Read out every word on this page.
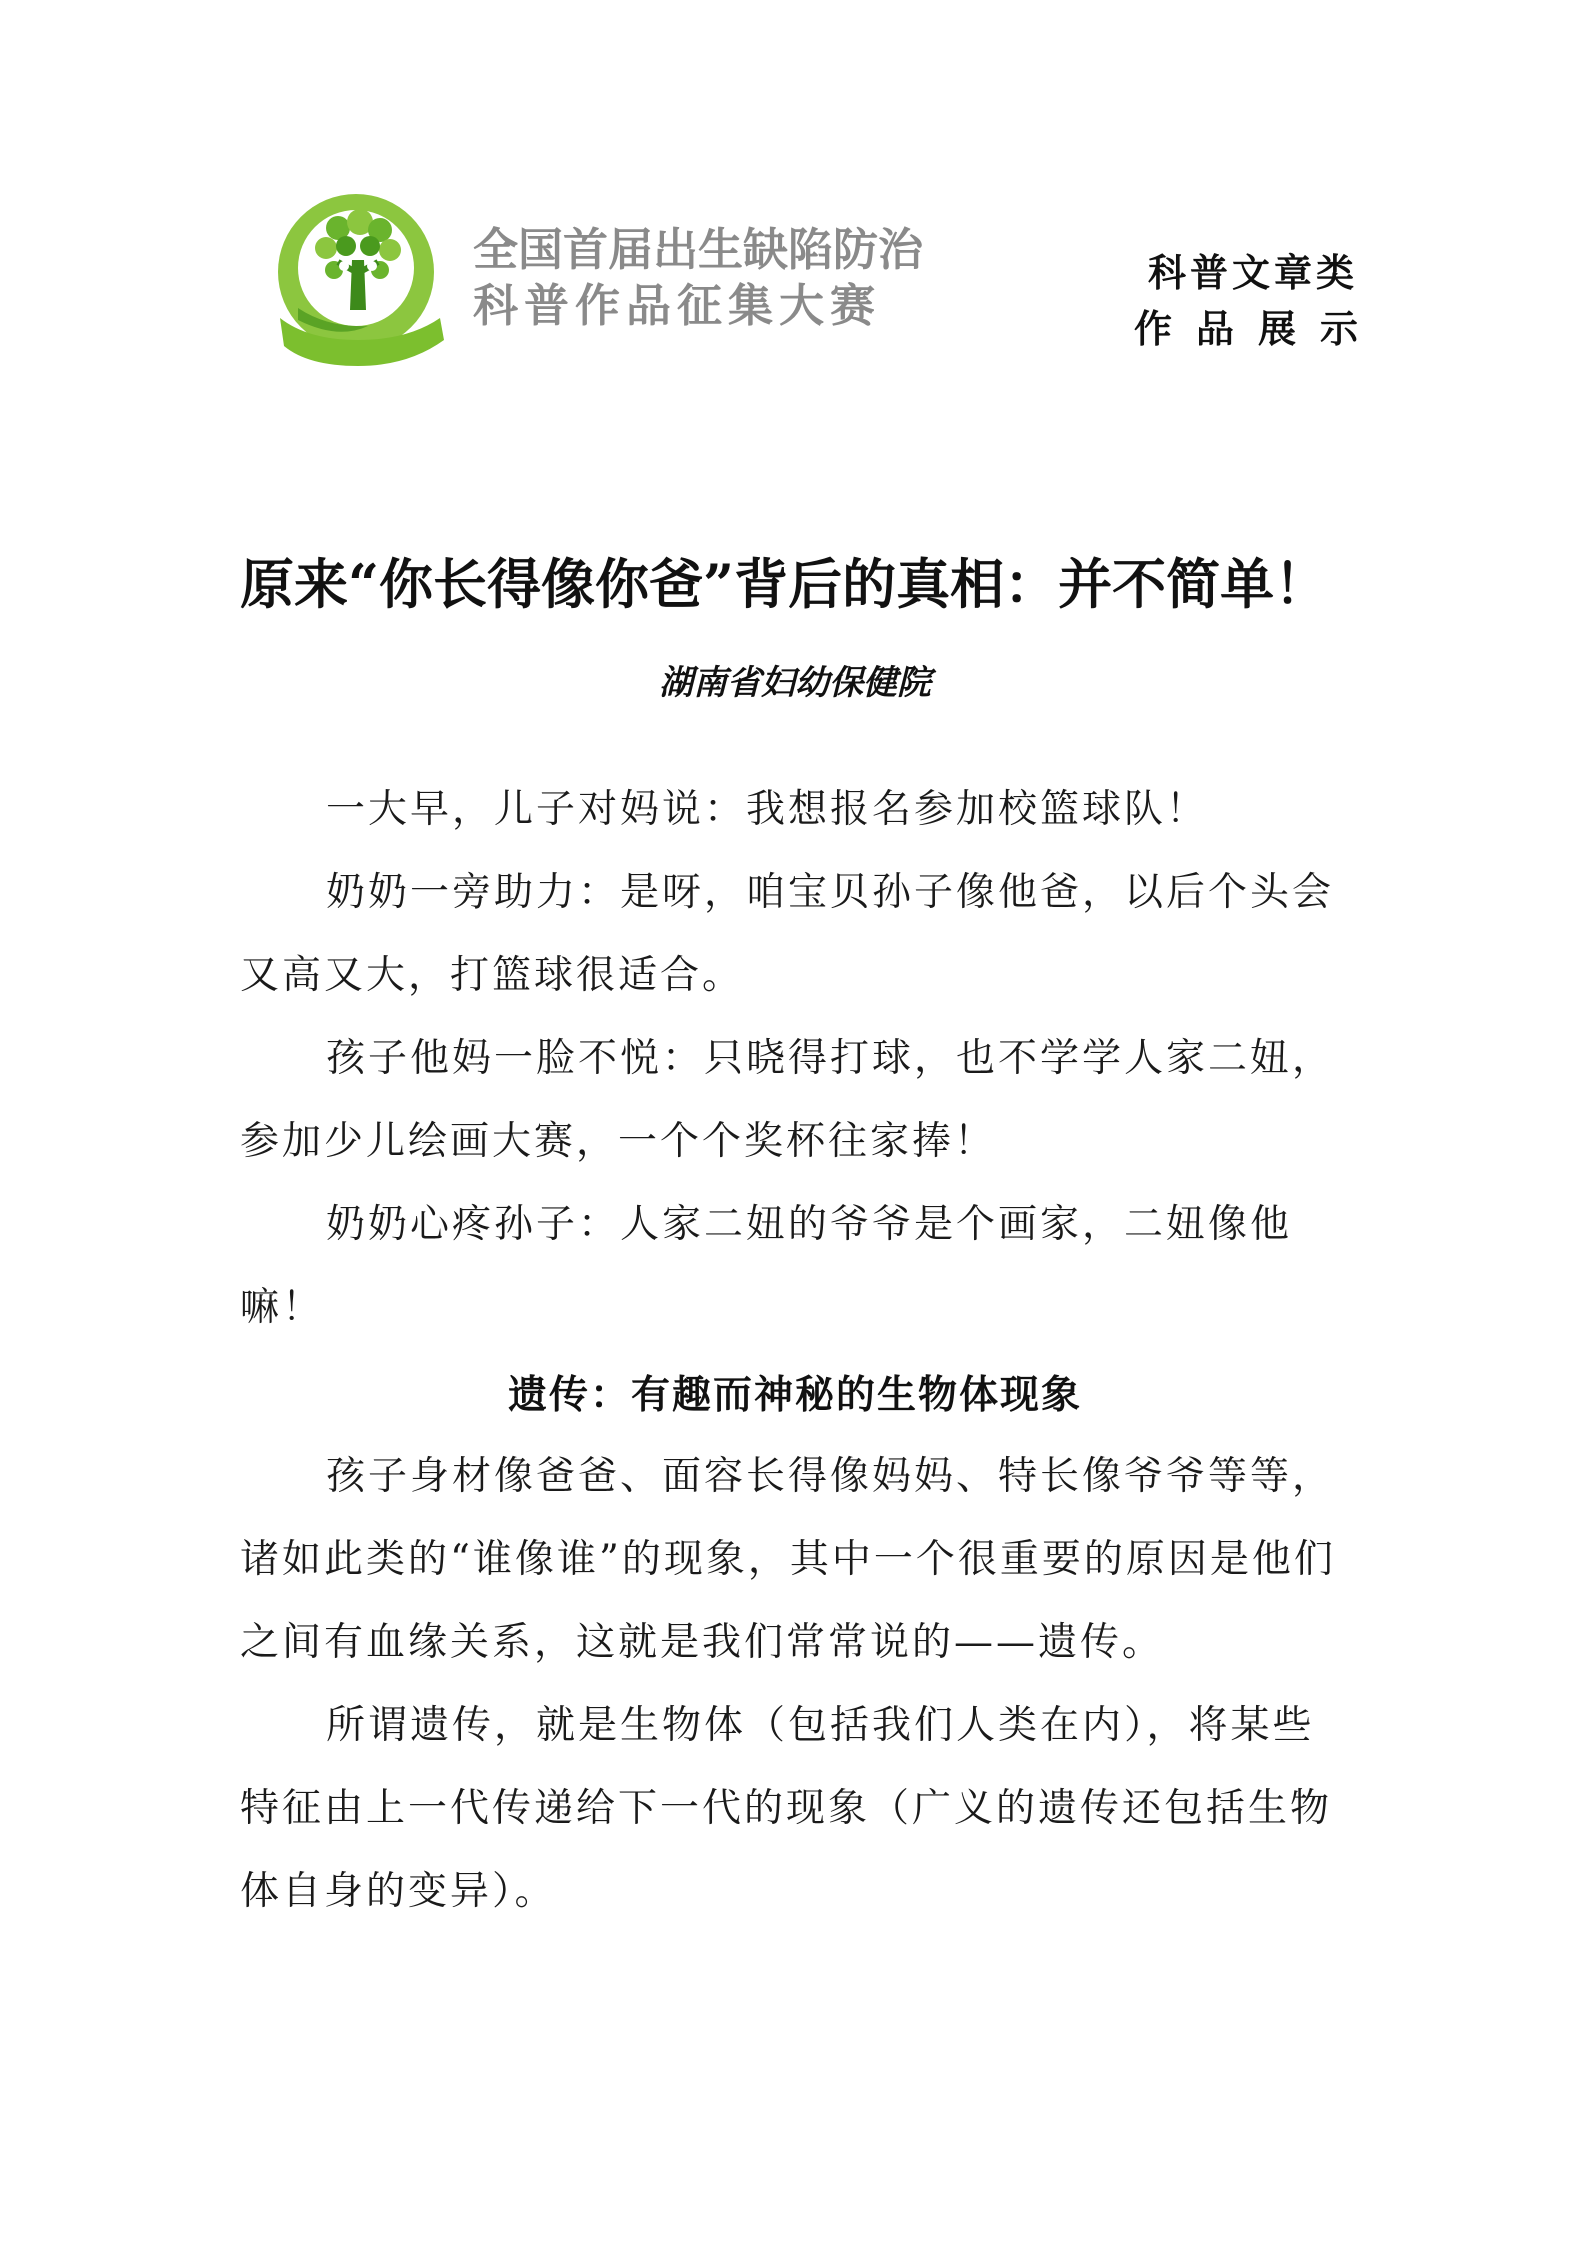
全国首届出生缺陷防治
科普作品征集大赛
科普文章类
作品展示
原来“你长得像你爸”背后的真相：并不简单！
湖南省妇幼保健院

一大早，儿子对妈说：我想报名参加校篮球队！

奶奶一旁助力：是呀，咱宝贝孙子像他爸，以后个头会又高又大，打篮球很适合。

孩子他妈一脸不悦：只晓得打球，也不学学人家二妞，参加少儿绘画大赛，一个个奖杯往家捧！

奶奶心疼孙子：人家二妞的爷爷是个画家，二妞像他嘛！

遗传：有趣而神秘的生物体现象

孩子身材像爸爸、面容长得像妈妈、特长像爷爷等等，诸如此类的“谁像谁”的现象，其中一个很重要的原因是他们之间有血缘关系，这就是我们常常说的——遗传。

所谓遗传，就是生物体（包括我们人类在内），将某些特征由上一代传递给下一代的现象（广义的遗传还包括生物体自身的变异）。
